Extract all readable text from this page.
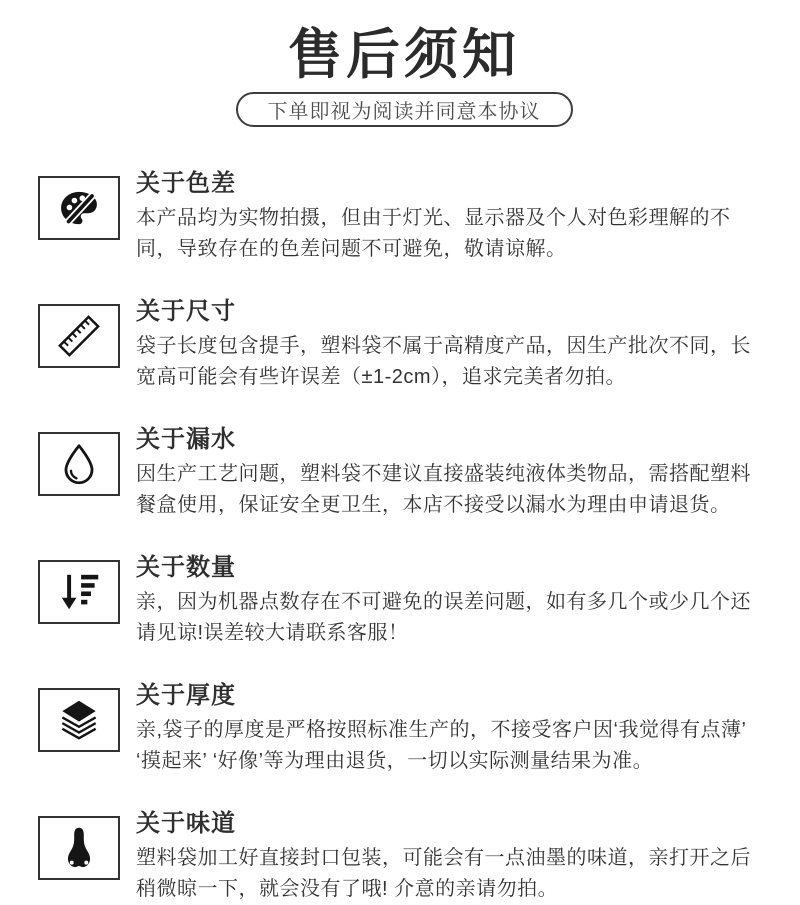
售后须知
下单即视为阅读并同意本协议
关于色差
本产品均为实物拍摄，但由于灯光、显示器及个人对色彩理解的不同，导致存在的色差问题不可避免，敬请谅解。
关于尺寸
袋子长度包含提手，塑料袋不属于高精度产品，因生产批次不同，长宽高可能会有些许误差（±1-2cm），追求完美者勿拍。
关于漏水
因生产工艺问题，塑料袋不建议直接盛装纯液体类物品，需搭配塑料餐盒使用，保证安全更卫生，本店不接受以漏水为理由申请退货。
关于数量
亲，因为机器点数存在不可避免的误差问题，如有多几个或少几个还请见谅!误差较大请联系客服！
关于厚度
亲,袋子的厚度是严格按照标准生产的，不接受客户因‘我觉得有点薄’ ‘摸起来’ ‘好像’等为理由退货，一切以实际测量结果为准。
关于味道
塑料袋加工好直接封口包装，可能会有一点油墨的味道，亲打开之后稍微晾一下，就会没有了哦! 介意的亲请勿拍。
